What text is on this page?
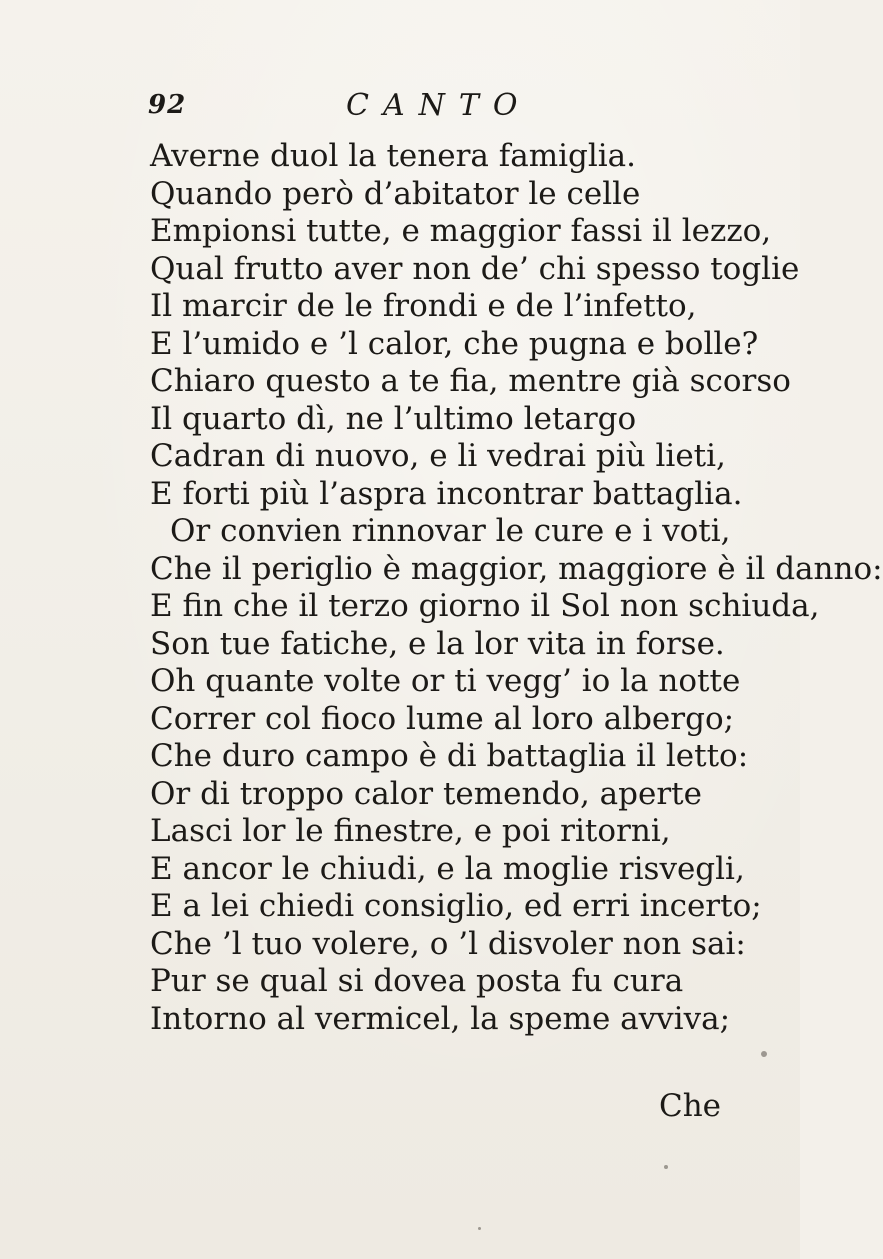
92	CANTO
Averne duol la tenera famiglia.
Quando però d’abitator le celle
Empionsi tutte, e maggior fassi il lezzo,
Qual frutto aver non de’ chi spesso toglie
Il marcir de le frondi e de l’infetto,
E l’umido e ’l calor, che pugna e bolle?
Chiaro questo a te fia, mentre già scorso
Il quarto dì, ne l’ultimo letargo
Cadran di nuovo, e li vedrai più lieti,
E forti più l’aspra incontrar battaglia.
Or convien rinnovar le cure e i voti,
Che il periglio è maggior, maggiore è il danno:
E fin che il terzo giorno il Sol non schiuda,
Son tue fatiche, e la lor vita in forse.
Oh quante volte or ti vegg’ io la notte
Correr col fioco lume al loro albergo;
Che duro campo è di battaglia il letto:
Or di troppo calor temendo, aperte
Lasci lor le finestre, e poi ritorni,
E ancor le chiudi, e la moglie risvegli,
E a lei chiedi consiglio, ed erri incerto;
Che ’l tuo volere, o ’l disvoler non sai:
Pur se qual si dovea posta fu cura
Intorno al vermicel, la speme avviva;
Che
